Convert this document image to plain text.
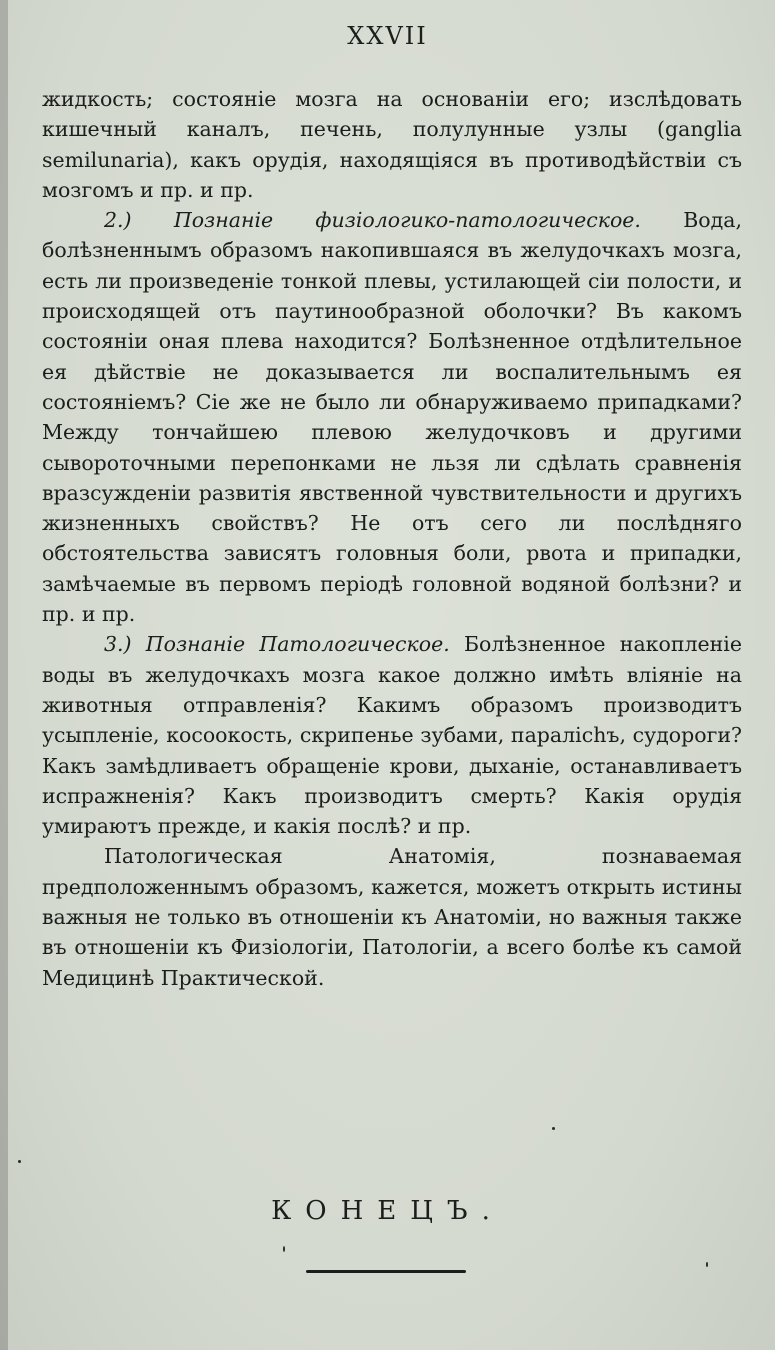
XXVII

жидкость; состоянiе мозга на основанiи его; изслѣдовать кишечный каналъ, печень, полулунные узлы (ganglia semilunaria), какъ орудiя, находящiяся въ противодѣйствiи съ мозгомъ и пр. и пр.

2.) Познанiе физiологико-патологическое. Вода, болѣзненнымъ образомъ накопившаяся въ желудочкахъ мозга, есть ли произведенiе тонкой плевы, устилающей сiи полости, и происходящей отъ паутинообразной оболочки? Въ какомъ состоянiи оная плева находится? Болѣзненное отдѣлительное ея дѣйствiе не доказывается ли воспалительнымъ ея состоянiемъ? Сiе же не было ли обнаруживаемо припадками? Между тончайшею плевою желудочковъ и другими сывороточными перепонками не льзя ли сдѣлать сравненiя вразсужденiи развитiя явственной чувствительности и другихъ жизненныхъ свойствъ? Не отъ сего ли послѣдняго обстоятельства зависятъ головныя боли, рвота и припадки, замѣчаемые въ первомъ перiодѣ головной водяной болѣзни? и пр. и пр.

3.) Познанiе Патологическое. Болѣзненное накопленiе воды въ желудочкахъ мозга какое должно имѣть влiянiе на животныя отправленiя? Какимъ образомъ производитъ усыпленiе, косоокость, скрипенье зубами, паралichъ, судороги? Какъ замѣдливаетъ обращенiе крови, дыханiе, останавливаетъ испражненiя? Какъ производитъ смерть? Какiя орудiя умираютъ прежде, и какiя послѣ? и пр.

Патологическая Анатомiя, познаваемая предположеннымъ образомъ, кажется, можетъ открыть истины важныя не только въ отношенiи къ Анатомiи, но важныя также въ отношенiи къ Физiологiи, Патологiи, а всего болѣе къ самой Медицинѣ Практической.

КОНЕЦЪ.
